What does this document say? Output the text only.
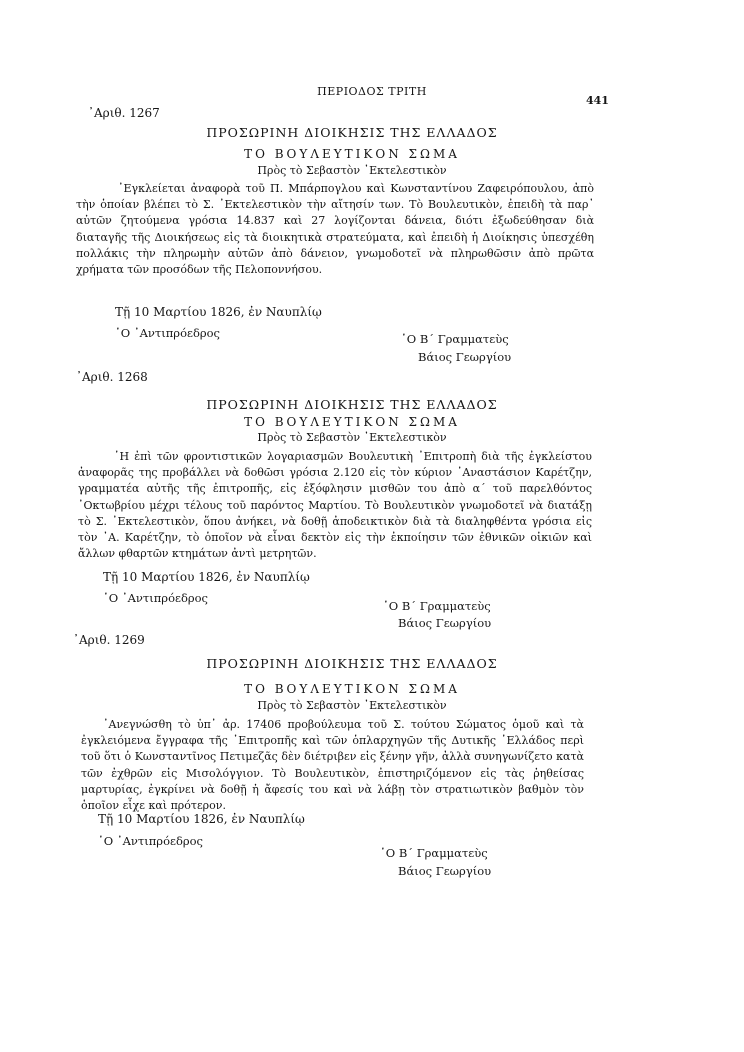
ΠΕΡΙΟΔΟΣ ΤΡΙΤΗ
441
᾿Αριθ. 1267
ΠΡΟΣΩΡΙΝΗ ΔΙΟΙΚΗΣΙΣ ΤΗΣ ΕΛΛΑΔΟΣ
ΤΟ ΒΟΥΛΕΥΤΙΚΟΝ ΣΩΜΑ
Πρὸς τὸ Σεβαστὸν ᾿Εκτελεστικὸν

᾿Εγκλείεται ἀναφορὰ τοῦ Π. Μπάρπογλου καὶ Κωνσταντίνου Ζαφειρόπουλου, ἀπὸ τὴν ὁποίαν βλέπει τὸ Σ. ᾿Εκτελεστικὸν τὴν αἴτησίν των. Τὸ Βουλευτικὸν, ἐπειδὴ τὰ παρ᾿ αὐτῶν ζητούμενα γρόσια 14.837 καὶ 27 λογίζονται δάνεια, διότι ἐξωδεύθησαν διὰ διαταγῆς τῆς Διοικήσεως εἰς τὰ διοικητικὰ στρατεύματα, καὶ ἐπειδὴ ἡ Διοίκησις ὑπεσχέθη πολλάκις τὴν πληρωμὴν αὐτῶν ἀπὸ δάνειον, γνωμοδοτεῖ νὰ πληρωθῶσιν ἀπὸ πρῶτα χρήματα τῶν προσόδων τῆς Πελοποννήσου.

Τῇ 10 Μαρτίου 1826, ἐν Ναυπλίῳ
῾Ο ᾿Αντιπρόεδρος	῾Ο Β΄ Γραμματεὺς
Βάιος Γεωργίου
᾿Αριθ. 1268
ΠΡΟΣΩΡΙΝΗ ΔΙΟΙΚΗΣΙΣ ΤΗΣ ΕΛΛΑΔΟΣ
ΤΟ ΒΟΥΛΕΥΤΙΚΟΝ ΣΩΜΑ
Πρὸς τὸ Σεβαστὸν ᾿Εκτελεστικὸν

῾Η ἐπὶ τῶν φροντιστικῶν λογαριασμῶν Βουλευτικὴ ᾿Επιτροπὴ διὰ τῆς ἐγκλείστου ἀναφορᾶς της προβάλλει νὰ δοθῶσι γρόσια 2.120 εἰς τὸν κύριον ᾿Αναστάσιον Καρέτζην, γραμματέα αὐτῆς τῆς ἐπιτροπῆς, εἰς ἐξόφλησιν μισθῶν του ἀπὸ α΄ τοῦ παρελθόντος ᾿Οκτωβρίου μέχρι τέλους τοῦ παρόντος Μαρτίου. Τὸ Βουλευτικὸν γνωμοδοτεῖ νὰ διατάξῃ τὸ Σ. ᾿Εκτελεστικὸν, ὅπου ἀνήκει, νὰ δοθῇ ἀποδεικτικὸν διὰ τὰ διαληφθέντα γρόσια εἰς τὸν ᾿Α. Καρέτζην, τὸ ὁποῖον νὰ εἶναι δεκτὸν εἰς τὴν ἐκποίησιν τῶν ἐθνικῶν οἰκιῶν καὶ ἄλλων φθαρτῶν κτημάτων ἀντὶ μετρητῶν.

Τῇ 10 Μαρτίου 1826, ἐν Ναυπλίῳ
῾Ο ᾿Αντιπρόεδρος
῾Ο Β΄ Γραμματεὺς
Βάιος Γεωργίου
᾿Αριθ. 1269
ΠΡΟΣΩΡΙΝΗ ΔΙΟΙΚΗΣΙΣ ΤΗΣ ΕΛΛΑΔΟΣ
ΤΟ ΒΟΥΛΕΥΤΙΚΟΝ ΣΩΜΑ
Πρὸς τὸ Σεβαστὸν ᾿Εκτελεστικὸν

᾿Ανεγνώσθη τὸ ὑπ᾿ ἀρ. 17406 προβούλευμα τοῦ Σ. τούτου Σώματος ὁμοῦ καὶ τὰ ἐγκλειόμενα ἔγγραφα τῆς ᾿Επιτροπῆς καὶ τῶν ὁπλαρχηγῶν τῆς Δυτικῆς ῾Ελλάδος περὶ τοῦ ὅτι ὁ Κωνσταντῖνος Πετιμεζᾶς δὲν διέτριβεν εἰς ξένην γῆν, ἀλλὰ συνηγωνίζετο κατὰ τῶν ἐχθρῶν εἰς Μισολόγγιον. Τὸ Βουλευτικὸν, ἐπιστηριζόμενον εἰς τὰς ῥηθείσας μαρτυρίας, ἐγκρίνει νὰ δοθῇ ἡ ἄφεσίς του καὶ νὰ λάβῃ τὸν στρατιωτικὸν βαθμὸν τὸν ὁποῖον εἶχε καὶ πρότερον.

Τῇ 10 Μαρτίου 1826, ἐν Ναυπλίῳ
῾Ο ᾿Αντιπρόεδρος
῾Ο Β΄ Γραμματεὺς
Βάιος Γεωργίου
